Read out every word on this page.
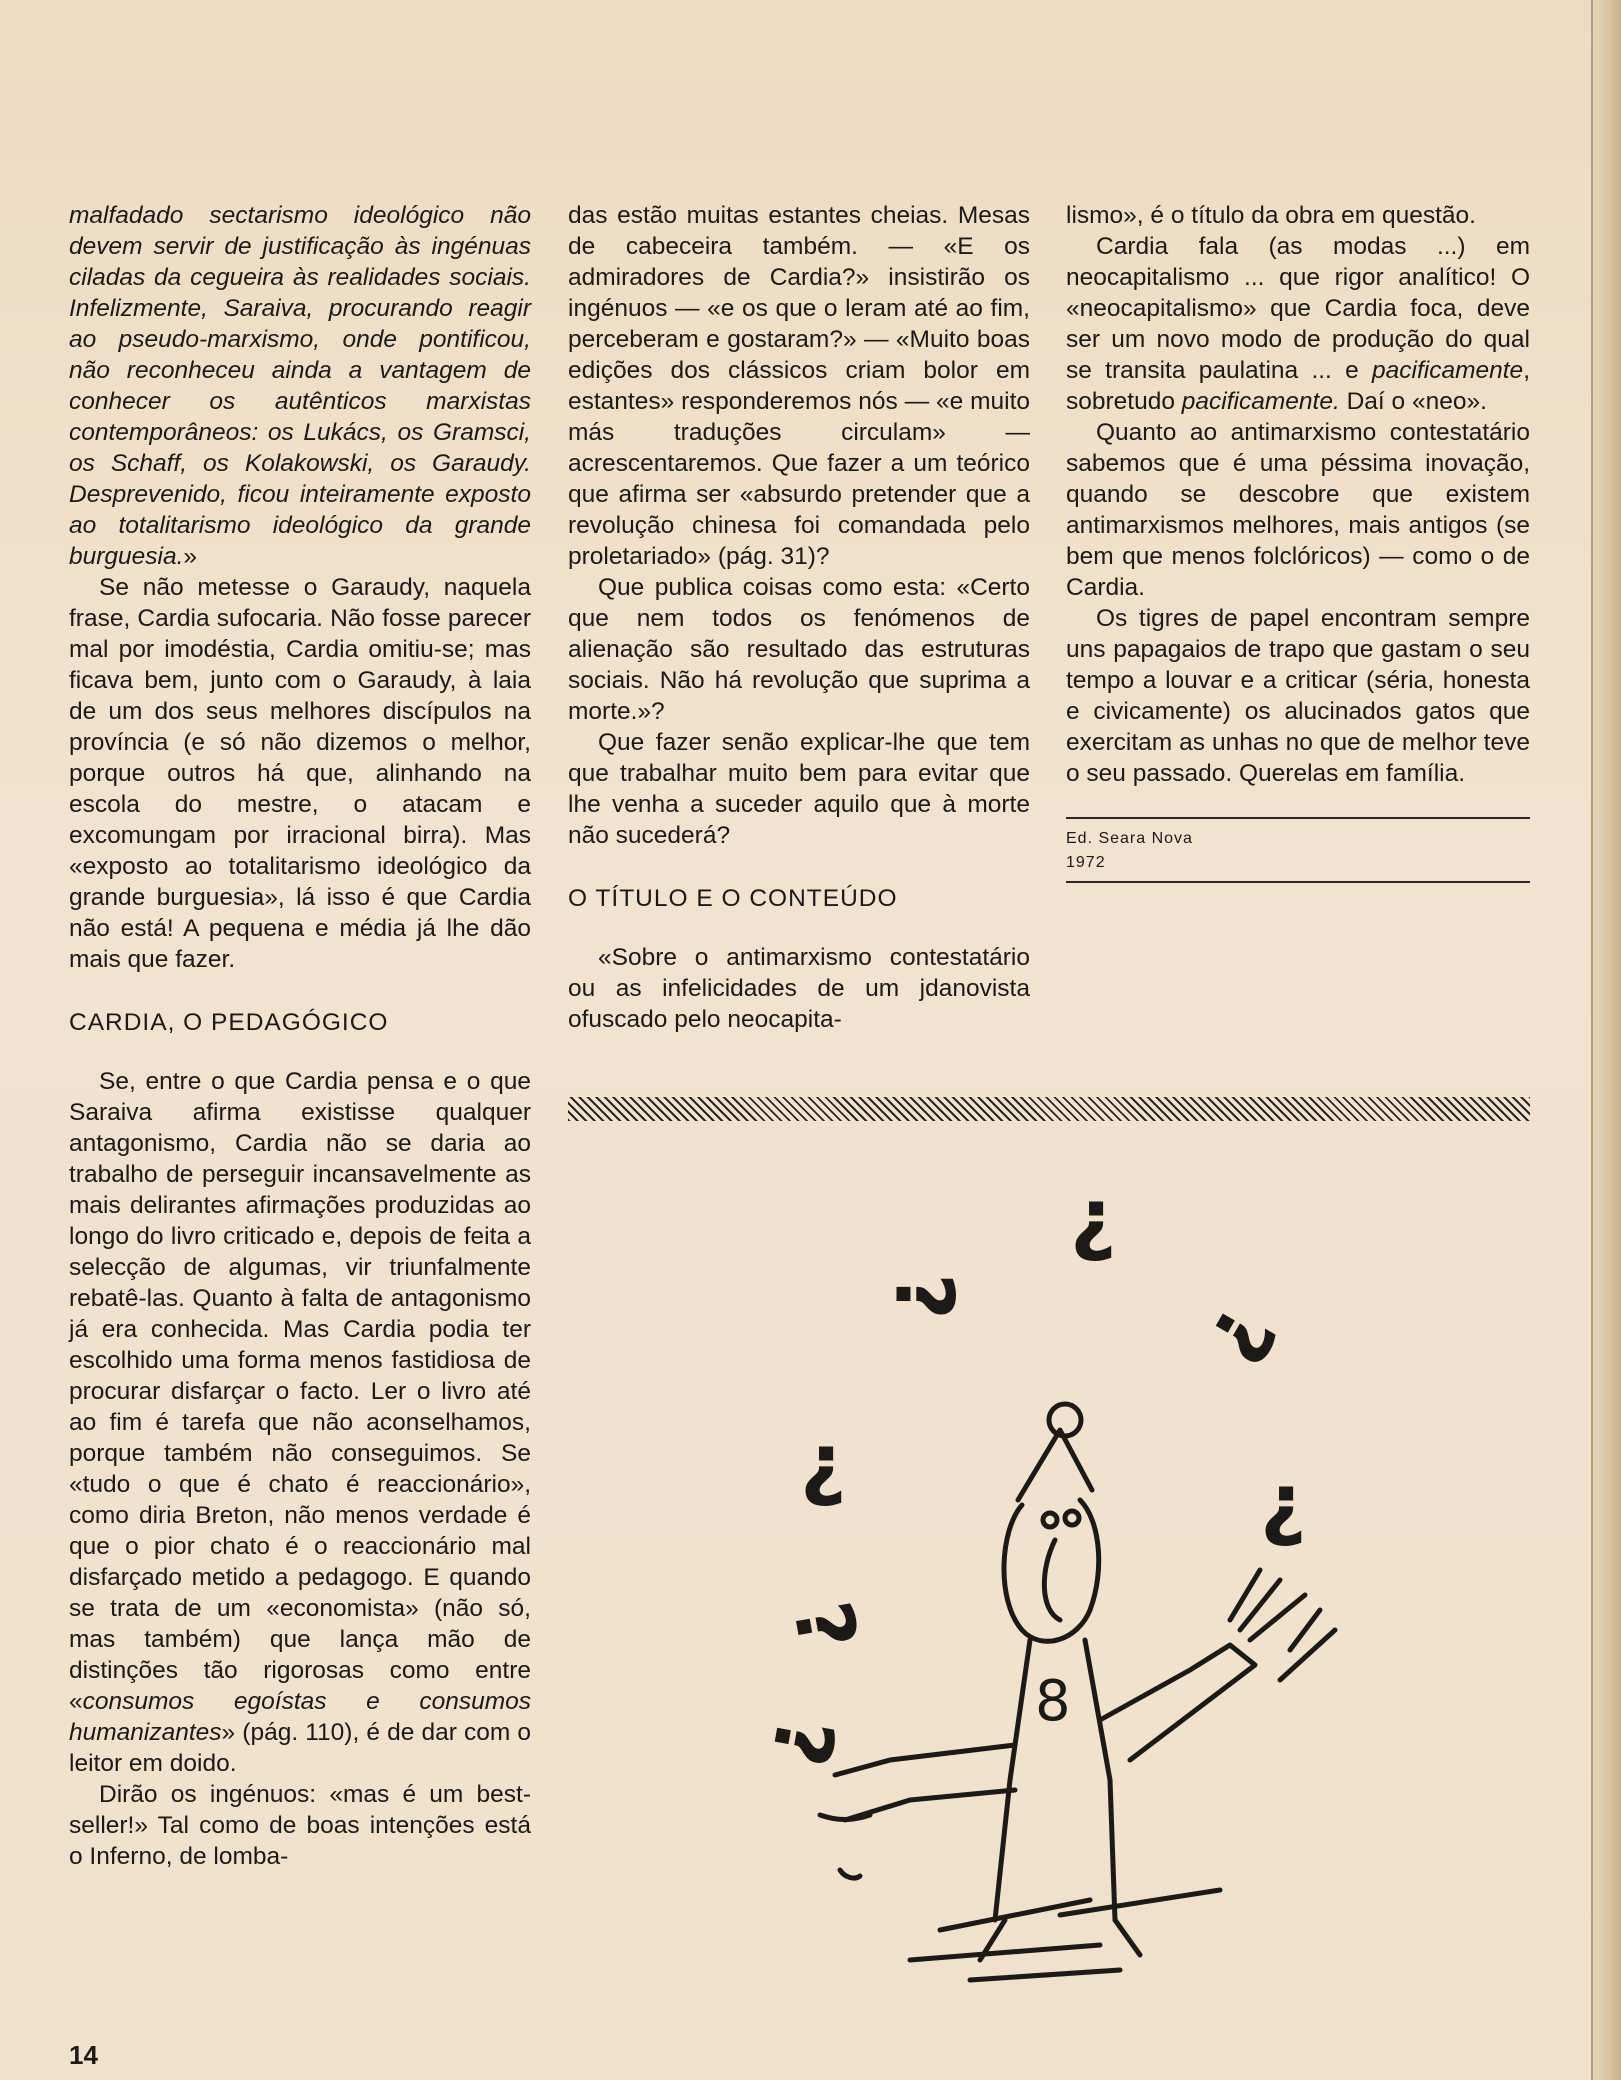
malfadado sectarismo ideológico não devem servir de justificação às ingénuas ciladas da cegueira às realidades sociais. Infelizmente, Saraiva, procurando reagir ao pseudo-marxismo, onde pontificou, não reconheceu ainda a vantagem de conhecer os autênticos marxistas contemporâneos: os Lukács, os Gramsci, os Schaff, os Kolakowski, os Garaudy. Desprevenido, ficou inteiramente exposto ao totalitarismo ideológico da grande burguesia.»

Se não metesse o Garaudy, naquela frase, Cardia sufocaria. Não fosse parecer mal por imodéstia, Cardia omitiu-se; mas ficava bem, junto com o Garaudy, à laia de um dos seus melhores discípulos na província (e só não dizemos o melhor, porque outros há que, alinhando na escola do mestre, o atacam e excomungam por irracional birra). Mas «exposto ao totalitarismo ideológico da grande burguesia», lá isso é que Cardia não está! A pequena e média já lhe dão mais que fazer.

CARDIA, O PEDAGÓGICO

Se, entre o que Cardia pensa e o que Saraiva afirma existisse qualquer antagonismo, Cardia não se daria ao trabalho de perseguir incansavelmente as mais delirantes afirmações produzidas ao longo do livro criticado e, depois de feita a selecção de algumas, vir triunfalmente rebatê-las. Quanto à falta de antagonismo já era conhecida. Mas Cardia podia ter escolhido uma forma menos fastidiosa de procurar disfarçar o facto. Ler o livro até ao fim é tarefa que não aconselhamos, porque também não conseguimos. Se «tudo o que é chato é reaccionário», como diria Breton, não menos verdade é que o pior chato é o reaccionário mal disfarçado metido a pedagogo. E quando se trata de um «economista» (não só, mas também) que lança mão de distinções tão rigorosas como entre «consumos egoístas e consumos humanizantes» (pág. 110), é de dar com o leitor em doido.

Dirão os ingénuos: «mas é um best-seller!» Tal como de boas intenções está o Inferno, de lomba-

das estão muitas estantes cheias. Mesas de cabeceira também. — «E os admiradores de Cardia?» insistirão os ingénuos — «e os que o leram até ao fim, perceberam e gostaram?» — «Muito boas edições dos clássicos criam bolor em estantes» responderemos nós — «e muito más traduções circulam» — acrescentaremos. Que fazer a um teórico que afirma ser «absurdo pretender que a revolução chinesa foi comandada pelo proletariado» (pág. 31)?

Que publica coisas como esta: «Certo que nem todos os fenómenos de alienação são resultado das estruturas sociais. Não há revolução que suprima a morte.»?

Que fazer senão explicar-lhe que tem que trabalhar muito bem para evitar que lhe venha a suceder aquilo que à morte não sucederá?

O TÍTULO E O CONTEÚDO

«Sobre o antimarxismo contestatário ou as infelicidades de um jdanovista ofuscado pelo neocapita-

lismo», é o título da obra em questão.

Cardia fala (as modas ...) em neocapitalismo ... que rigor analítico! O «neocapitalismo» que Cardia foca, deve ser um novo modo de produção do qual se transita paulatina ... e pacificamente, sobretudo pacificamente. Daí o «neo».

Quanto ao antimarxismo contestatário sabemos que é uma péssima inovação, quando se descobre que existem antimarxismos melhores, mais antigos (se bem que menos folclóricos) — como o de Cardia.

Os tigres de papel encontram sempre uns papagaios de trapo que gastam o seu tempo a louvar e a criticar (séria, honesta e civicamente) os alucinados gatos que exercitam as unhas no que de melhor teve o seu passado. Querelas em família.

Ed. Seara Nova
1972

8
¿
¿	¿
¿	¿
¿
¿
14
